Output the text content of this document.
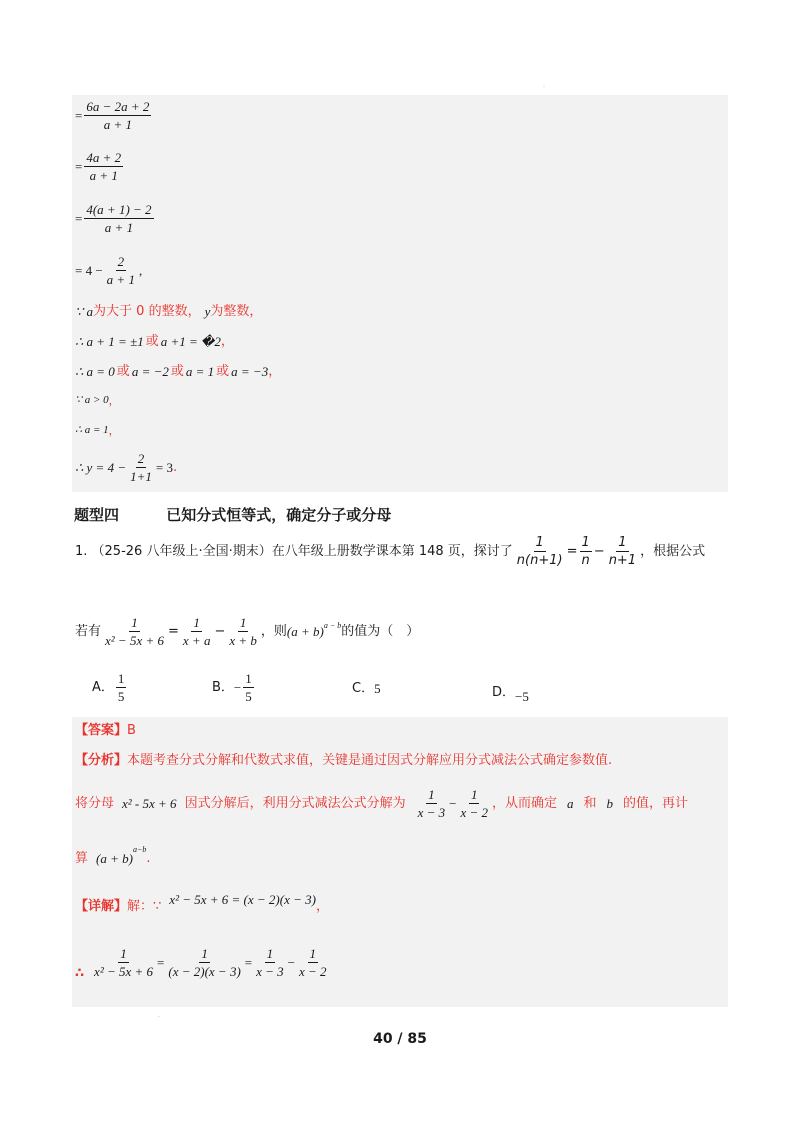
.
.
= $\frac{6a - 2a + 2}{a + 1}$
= $\frac{4a + 2}{a + 1}$
= $\frac{4(a + 1) - 2}{a + 1}$
= $4 - \frac{2}{a + 1}$ ,
∵ a 为大于 0 的整数， y 为整数，
∴ a + 1 = ±1 或 a +1 = �2 ，
∴ a = 0 或 a = −2 或 a = 1 或 a = −3 ，
∵ a > 0 ，
∴ a = 1 ，
∴ $y = 4 - \frac{2}{1+1} = 3$ .
题型四	已知分式恒等式，确定分子或分母
1. （25-26 八年级上·全国·期末）在八年级上册数学课本第 148 页，探讨了 $\frac{1}{n(n+1)} = \frac{1}{n} - \frac{1}{n+1}$ ，根据公式
若有 $\frac{1}{\text{x² − 5x + 6}} = \frac{1}{x + a} - \frac{1}{x + b}$ ，则 $(a + b)^{a - b}$ 的值为（　）
A． $\frac{1}{5}$	B． − $\frac{1}{5}$	C． 5	D． −5
【答案】 B
【分析】 本题考查分式分解和代数式求值，关键是通过因式分解应用分式减法公式确定参数值.
将分母 x² - 5x + 6 因式分解后，利用分式减法公式分解为 $\frac{1}{x - 3} - \frac{1}{x - 2}$ ，从而确定 a 和 b 的值，再计
算 (a + b)
$^{a-b}$
.
【详解】 解：∵ x² − 5x + 6 = (x − 2)(x − 3) ，
∴ $\frac{1}{\text{x² − 5x + 6}} = \frac{1}{(x - 2)(x - 3)} = \frac{1}{x - 3} - \frac{1}{x - 2}$
40 / 85
